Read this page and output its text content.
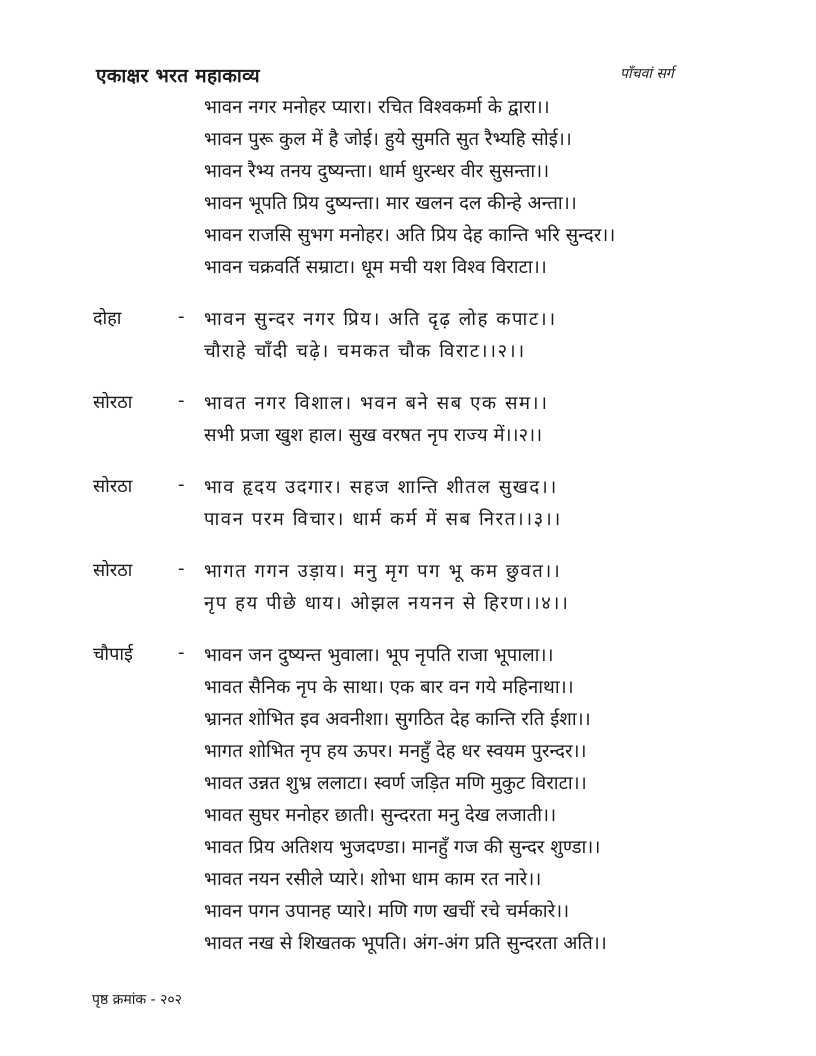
एकाक्षर भरत महाकाव्य	पाँचवां सर्ग
भावन नगर मनोहर प्यारा। रचित विश्वकर्मा के द्वारा।।
भावन पुरू कुल में है जोई। हुये सुमति सुत रैभ्यहि सोई।।
भावन रैभ्य तनय दुष्यन्ता। धार्म धुरन्धर वीर सुसन्ता।।
भावन भूपति प्रिय दुष्यन्ता। मार खलन दल कीन्हे अन्ता।।
भावन राजसि सुभग मनोहर। अति प्रिय देह कान्ति भरि सुन्दर।।
भावन चक्रवर्ति सम्राटा। धूम मची यश विश्व विराटा।।
दोहा	- भावन सुन्दर नगर प्रिय। अति दृढ़ लोह कपाट।।
चौराहे चाँदी चढ़े। चमकत चौक विराट।।२।।
सोरठा	- भावत नगर विशाल। भवन बने सब एक सम।।
सभी प्रजा खुश हाल। सुख वरषत नृप राज्य में।।२।।
सोरठा	- भाव हृदय उदगार। सहज शान्ति शीतल सुखद।।
पावन परम विचार। धार्म कर्म में सब निरत।।३।।
सोरठा	- भागत गगन उड़ाय। मनु मृग पग भू कम छुवत।।
नृप हय पीछे धाय। ओझल नयनन से हिरण।।४।।
चौपाई	- भावन जन दुष्यन्त भुवाला। भूप नृपति राजा भूपाला।।
भावत सैनिक नृप के साथा। एक बार वन गये महिनाथा।।
भ्रानत शोभित इव अवनीशा। सुगठित देह कान्ति रति ईशा।।
भागत शोभित नृप हय ऊपर। मनहुँ देह धर स्वयम पुरन्दर।।
भावत उन्नत शुभ्र ललाटा। स्वर्ण जड़ित मणि मुकुट विराटा।।
भावत सुघर मनोहर छाती। सुन्दरता मनु देख लजाती।।
भावत प्रिय अतिशय भुजदण्डा। मानहुँ गज की सुन्दर शुण्डा।।
भावत नयन रसीले प्यारे। शोभा धाम काम रत नारे।।
भावन पगन उपानह प्यारे। मणि गण खचीं रचे चर्मकारे।।
भावत नख से शिखतक भूपति। अंग-अंग प्रति सुन्दरता अति।।
पृष्ठ क्रमांक - २०२
